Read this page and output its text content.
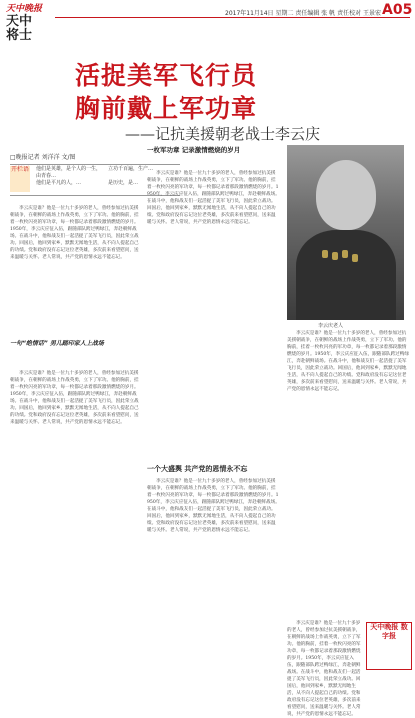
天中晚报
天中
将士
2017年11月14日 星期二 责任编辑 张 帆 责任校对 王景宏 A05
活捉美军飞行员
胸前戴上军功章
——记抗美援朝老战士李云庆
□晚报记者 刘洋洋 文/图
开栏语 他们是英雄，是个人的一生，由青春…
他们是平凡的人，…
立功千百遍，生产…
是历史，是…
李云庆是谁？他是一位九十多岁的老人，曾经参加过抗美援朝战争，在朝鲜的战场上作战英勇，立下了军功。他的胸前，挂着一枚枚闪亮的军功章，每一枚都记录着那段激情燃烧的岁月。1950年，李云庆应征入伍，跟随部队跨过鸭绿江，奔赴朝鲜战场。在战斗中，他和战友们一起活捉了美军飞行员，因此荣立战功。回国后，他回到家乡，默默无闻地生活，从不向人提起自己的功绩。党和政府没有忘记这位老英雄，多次前来看望慰问，送来温暖与关怀。老人常说，共产党的恩情永远不能忘记。
一句“绝情话” 男儿踏印家人上战场
李云庆是谁？他是一位九十多岁的老人，曾经参加过抗美援朝战争，在朝鲜的战场上作战英勇，立下了军功。他的胸前，挂着一枚枚闪亮的军功章，每一枚都记录着那段激情燃烧的岁月。1950年，李云庆应征入伍，跟随部队跨过鸭绿江，奔赴朝鲜战场。在战斗中，他和战友们一起活捉了美军飞行员，因此荣立战功。回国后，他回到家乡，默默无闻地生活，从不向人提起自己的功绩。党和政府没有忘记这位老英雄，多次前来看望慰问，送来温暖与关怀。老人常说，共产党的恩情永远不能忘记。
一枚军功章 记录激情燃烧的岁月
李云庆是谁？他是一位九十多岁的老人，曾经参加过抗美援朝战争，在朝鲜的战场上作战英勇，立下了军功。他的胸前，挂着一枚枚闪亮的军功章，每一枚都记录着那段激情燃烧的岁月。1950年，李云庆应征入伍，跟随部队跨过鸭绿江，奔赴朝鲜战场。在战斗中，他和战友们一起活捉了美军飞行员，因此荣立战功。回国后，他回到家乡，默默无闻地生活，从不向人提起自己的功绩。党和政府没有忘记这位老英雄，多次前来看望慰问，送来温暖与关怀。老人常说，共产党的恩情永远不能忘记。
一个大盛舆 共产党的恩情永不忘
李云庆是谁？他是一位九十多岁的老人，曾经参加过抗美援朝战争，在朝鲜的战场上作战英勇，立下了军功。他的胸前，挂着一枚枚闪亮的军功章，每一枚都记录着那段激情燃烧的岁月。1950年，李云庆应征入伍，跟随部队跨过鸭绿江，奔赴朝鲜战场。在战斗中，他和战友们一起活捉了美军飞行员，因此荣立战功。回国后，他回到家乡，默默无闻地生活，从不向人提起自己的功绩。党和政府没有忘记这位老英雄，多次前来看望慰问，送来温暖与关怀。老人常说，共产党的恩情永远不能忘记。
李云庆老人
李云庆是谁？他是一位九十多岁的老人，曾经参加过抗美援朝战争，在朝鲜的战场上作战英勇，立下了军功。他的胸前，挂着一枚枚闪亮的军功章，每一枚都记录着那段激情燃烧的岁月。1950年，李云庆应征入伍，跟随部队跨过鸭绿江，奔赴朝鲜战场。在战斗中，他和战友们一起活捉了美军飞行员，因此荣立战功。回国后，他回到家乡，默默无闻地生活，从不向人提起自己的功绩。党和政府没有忘记这位老英雄，多次前来看望慰问，送来温暖与关怀。老人常说，共产党的恩情永远不能忘记。
李云庆是谁？他是一位九十多岁的老人，曾经参加过抗美援朝战争，在朝鲜的战场上作战英勇，立下了军功。他的胸前，挂着一枚枚闪亮的军功章，每一枚都记录着那段激情燃烧的岁月。1950年，李云庆应征入伍，跟随部队跨过鸭绿江，奔赴朝鲜战场。在战斗中，他和战友们一起活捉了美军飞行员，因此荣立战功。回国后，他回到家乡，默默无闻地生活，从不向人提起自己的功绩。党和政府没有忘记这位老英雄，多次前来看望慰问，送来温暖与关怀。老人常说，共产党的恩情永远不能忘记。
天中晚报 数字报
